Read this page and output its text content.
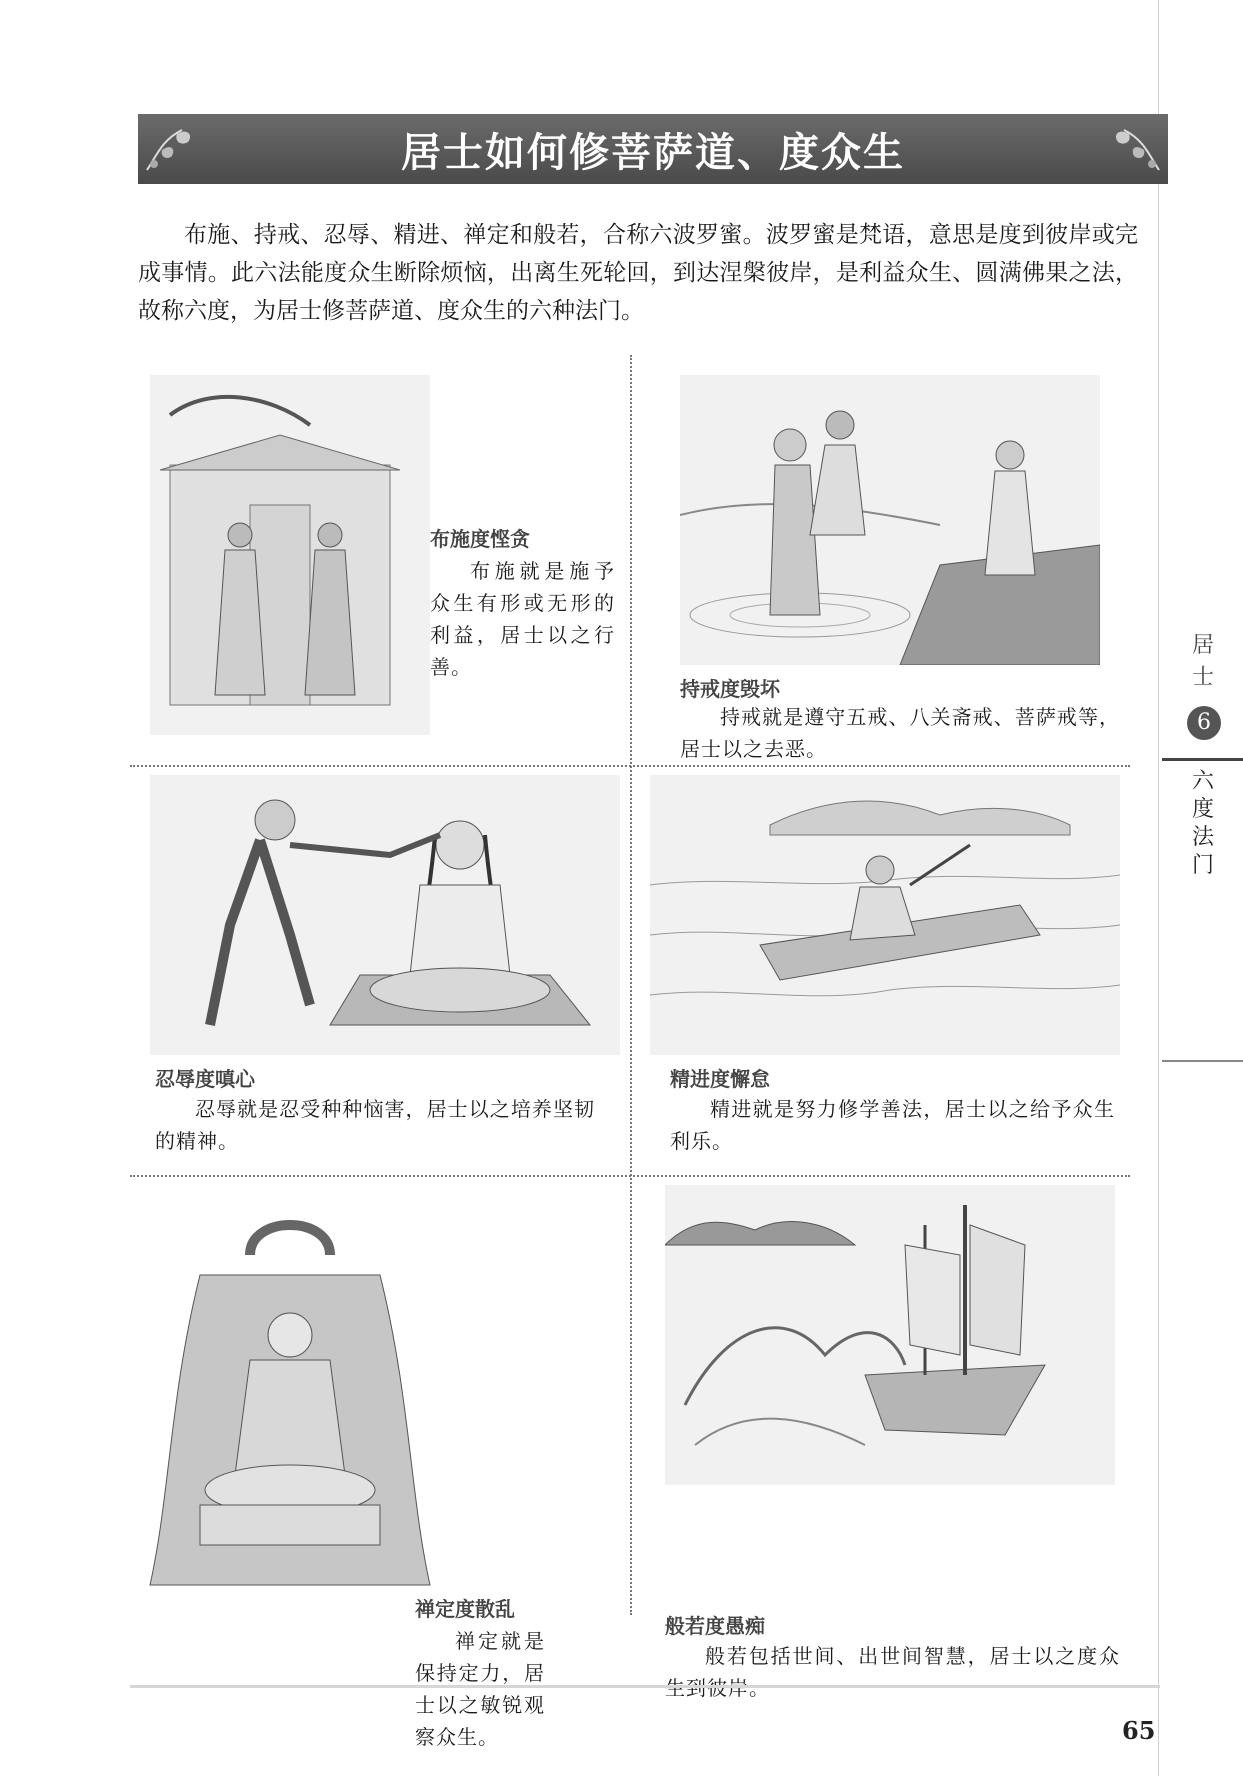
居士如何修菩萨道、度众生

布施、持戒、忍辱、精进、禅定和般若，合称六波罗蜜。波罗蜜是梵语，意思是度到彼岸或完成事情。此六法能度众生断除烦恼，出离生死轮回，到达涅槃彼岸，是利益众生、圆满佛果之法，故称六度，为居士修菩萨道、度众生的六种法门。

布施度悭贪
布施就是施予众生有形或无形的利益，居士以之行善。
持戒度毁坏
持戒就是遵守五戒、八关斋戒、菩萨戒等，居士以之去恶。
忍辱度嗔心
忍辱就是忍受种种恼害，居士以之培养坚韧的精神。
精进度懈怠
精进就是努力修学善法，居士以之给予众生利乐。
禅定度散乱
禅定就是保持定力，居士以之敏锐观察众生。
般若度愚痴
般若包括世间、出世间智慧，居士以之度众生到彼岸。
居士
6
六度法门
65
